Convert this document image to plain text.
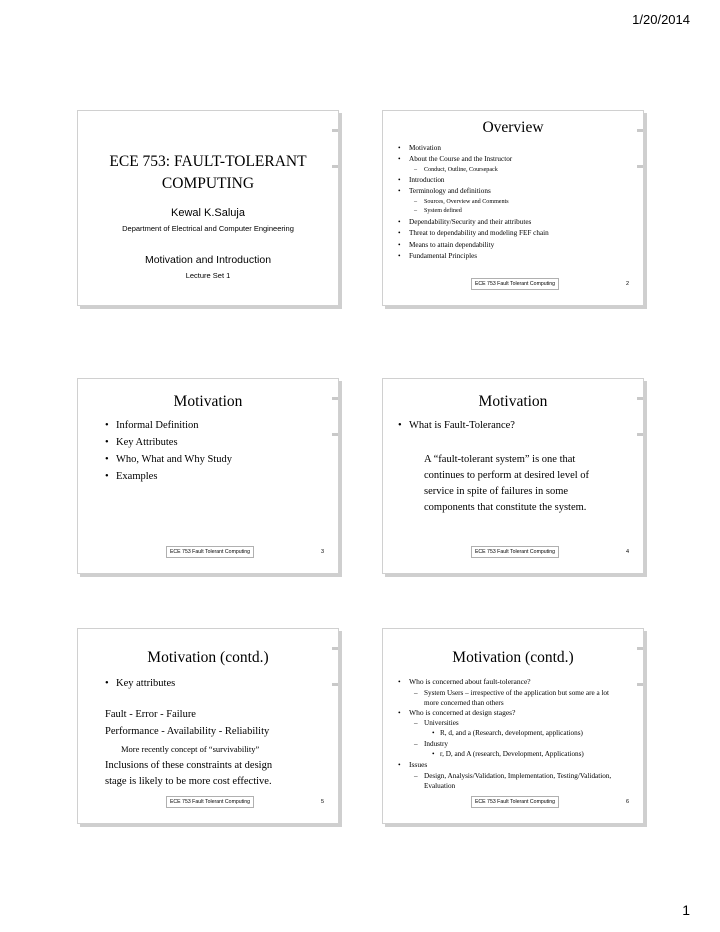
1/20/2014
ECE 753: FAULT-TOLERANT
COMPUTING
Kewal K.Saluja
Department of Electrical and Computer Engineering
Motivation and Introduction
Lecture Set 1
Overview
• Motivation
• About the Course and the Instructor
– Conduct, Outline, Coursepack
• Introduction
• Terminology and definitions
– Sources, Overview and Comments
– System defined
• Dependability/Security and their attributes
• Threat to dependability and modeling FEF chain
• Means to attain dependability
• Fundamental Principles
ECE 753 Fault Tolerant Computing	2
Motivation
• Informal Definition
• Key Attributes
• Who, What and Why Study
• Examples
ECE 753 Fault Tolerant Computing	3
Motivation
• What is Fault-Tolerance?
A “fault-tolerant system” is one that
continues to perform at desired level of
service in spite of failures in some
components that constitute the system.
ECE 753 Fault Tolerant Computing	4
Motivation (contd.)
• Key attributes
Fault - Error - Failure
Performance - Availability - Reliability
More recently concept of “survivability”
Inclusions of these constraints at design
stage is likely to be more cost effective.
ECE 753 Fault Tolerant Computing	5
Motivation (contd.)
• Who is concerned about fault-tolerance?
– System Users – irrespective of the application but some are a lot more concerned than others
• Who is concerned at design stages?
– Universities
• R, d, and a (Research, development, applications)
– Industry
• r, D, and A (research, Development, Applications)
• Issues
– Design, Analysis/Validation, Implementation, Testing/Validation, Evaluation
ECE 753 Fault Tolerant Computing	6
1
